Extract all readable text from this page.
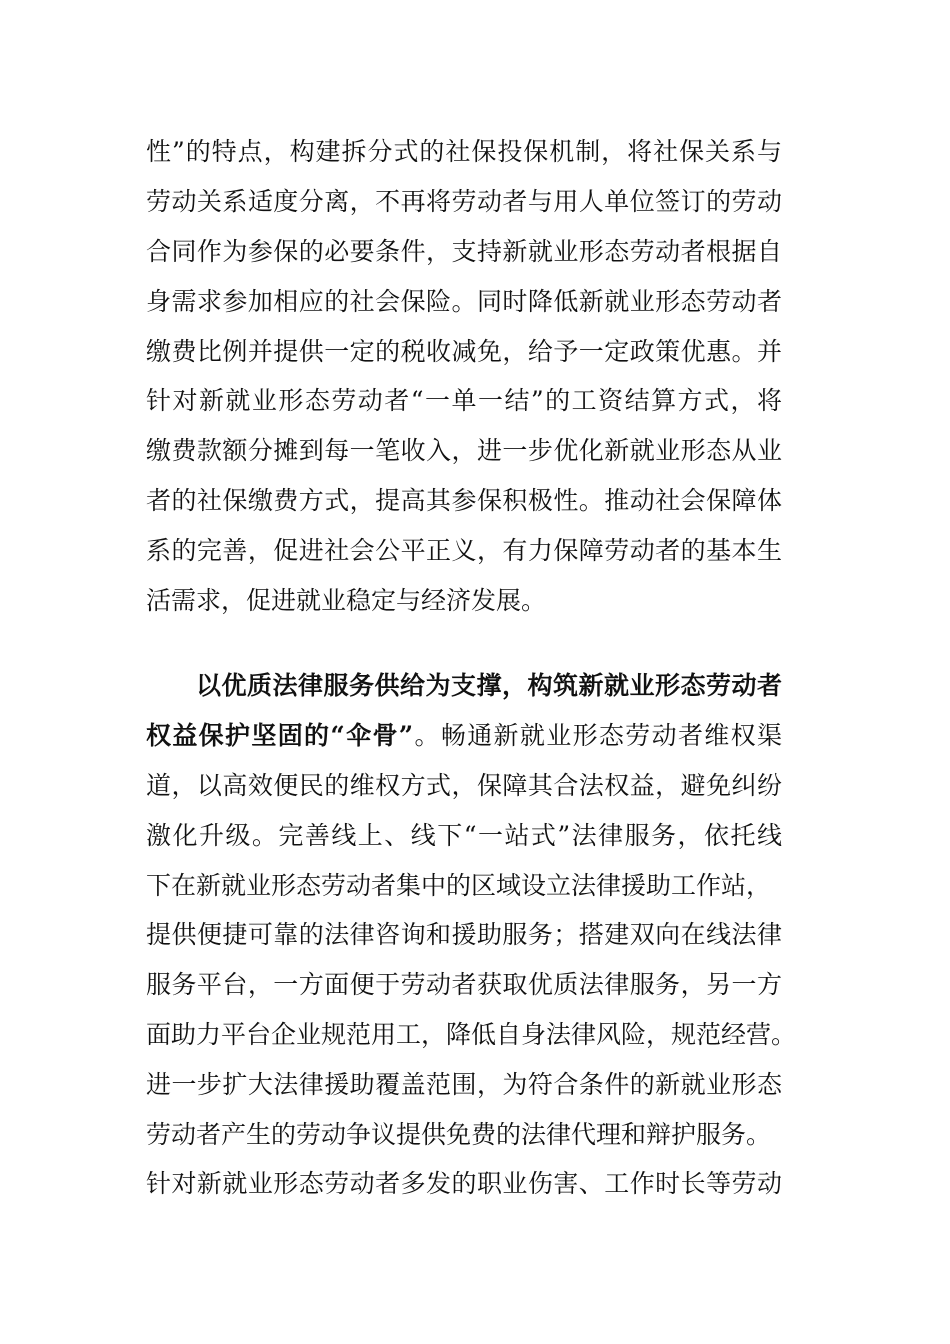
性”的特点，构建拆分式的社保投保机制，将社保关系与
劳动关系适度分离，不再将劳动者与用人单位签订的劳动
合同作为参保的必要条件，支持新就业形态劳动者根据自
身需求参加相应的社会保险。同时降低新就业形态劳动者
缴费比例并提供一定的税收减免，给予一定政策优惠。并
针对新就业形态劳动者“一单一结”的工资结算方式，将
缴费款额分摊到每一笔收入，进一步优化新就业形态从业
者的社保缴费方式，提高其参保积极性。推动社会保障体
系的完善，促进社会公平正义，有力保障劳动者的基本生
活需求，促进就业稳定与经济发展。
以优质法律服务供给为支撑，构筑新就业形态劳动者
权益保护坚固的“伞骨”。畅通新就业形态劳动者维权渠
道，以高效便民的维权方式，保障其合法权益，避免纠纷
激化升级。完善线上、线下“一站式”法律服务，依托线
下在新就业形态劳动者集中的区域设立法律援助工作站，
提供便捷可靠的法律咨询和援助服务；搭建双向在线法律
服务平台，一方面便于劳动者获取优质法律服务，另一方
面助力平台企业规范用工，降低自身法律风险，规范经营。
进一步扩大法律援助覆盖范围，为符合条件的新就业形态
劳动者产生的劳动争议提供免费的法律代理和辩护服务。
针对新就业形态劳动者多发的职业伤害、工作时长等劳动
